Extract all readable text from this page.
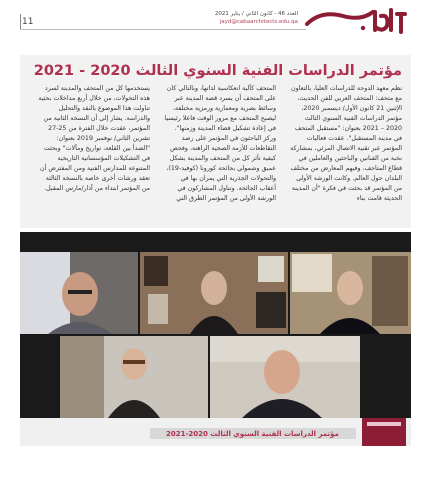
11
العدد 46 - كانون الثاني / يناير 2021
jayd@cabaarchitects.edu.qa
مؤتمر الدراسات الفنية السنوي الثالث 2020 - 2021

نظم معهد الدوحة للدراسات العليا، بالتعاون مع متحف: المتحف العربي للفن الحديث، الإثنين 21 كانون الأول/ ديسمبر 2020، مؤتمر الدراسات الفنية السنوي الثالث 2020 – 2021 بعنوان: "مستقبل المتحف في مدينة المستقبل". عقدت فعاليات المؤتمر عبر تقنية الاتصال المرئي، بمشاركة نخبة من الفنانين والباحثين والعاملين في قطاع المتاحف، وفيهم المعارض من مختلف البلدان حول العالم. وكانت الورشة الأولى من المؤتمر قد بحثت في فكرة "أن المدينة الحديثة قامت بناء

المتحف كآلية انعكاسية لذاتها، وبالتالي كان على المتحف أن يسرد قصة المدينة عبر وسائط بصرية ومعمارية ورمزية مختلفة، ليصبح المتحف مع مرور الوقت فاعلا رئيسيا في إعادة تشكيل فضاء المدينة وزمنها". وركز الباحثون في المؤتمر على رصد التقاطعات للأزمة الصحية الراهنة، وفحص كيفية تأثر كل من المتحف والمدينة بشكل عميق وشمولي بجائحة كورونا (كوفيد-19)، والتحولات الجذرية التي يمران بها في أعقاب الجائحة. وتناول المشاركون في الورشة الأولى من المؤتمر الطرق التي

يستخدمها كل من المتحف والمدينة لسرد هذه التحولات، من خلال أربع مداخلات بحثية تناولت هذا الموضوع بالنقد والتحليل والدراسة. يشار إلى أن النسخة الثانية من المؤتمر، عقدت خلال الفترة من 25-27 تشرين الثاني/ نوفمبر 2019 بعنوان: "الصدأ بين القلعة، تواريخ ومآلات" وبحثت في التشكيلات المؤسساتية التاريخية المتنوعة للمدارس الفنية ومن المفترض أن تعقد ورشات أخرى خاصة بالنسخة الثالثة من المؤتمر ابتداء من آذار/مارس المقبل.

مؤتمر الدراسات الفنية السنوي الثالث 2020-2021
